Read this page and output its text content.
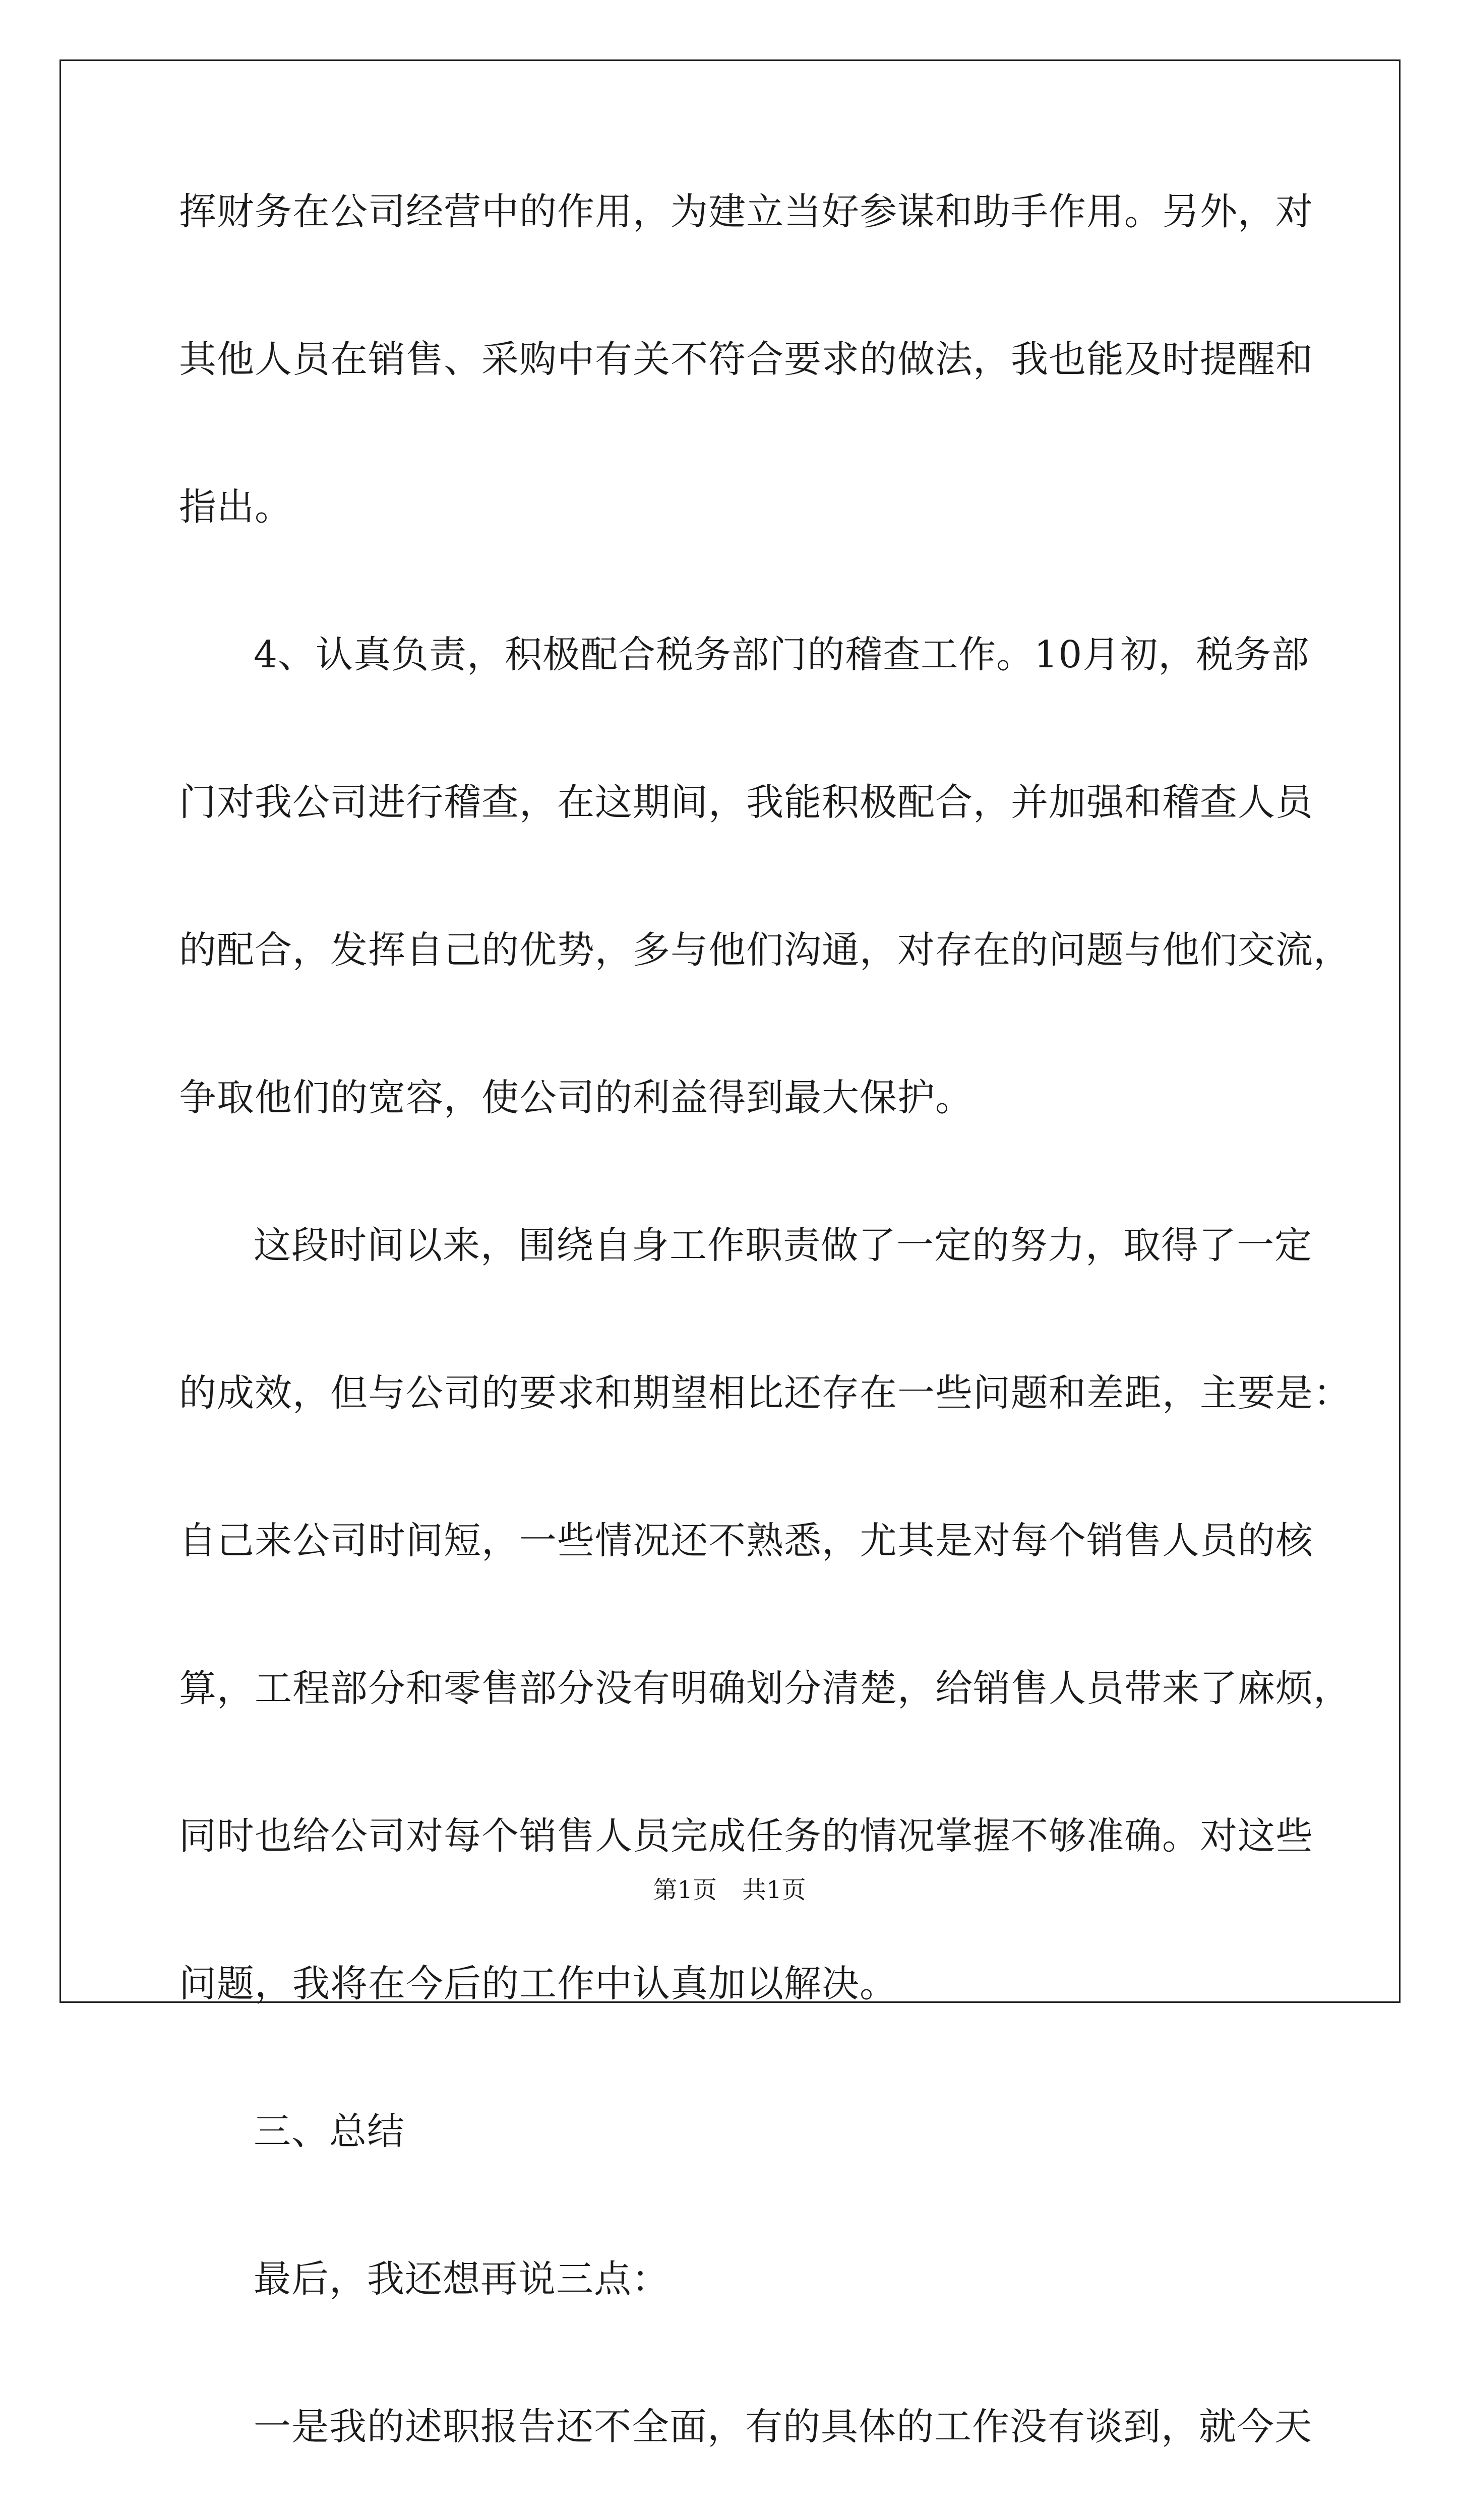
挥财务在公司经营中的作用，为建立当好参谋和助手作用。另外，对
其他人员在销售、采购中有关不符合要求的做法，我也能及时提醒和
指出。
4、认真负责，积极配合税务部门的稽查工作。10月初，税务部
门对我公司进行稽查，在这期间，我能积极配合，并加强和稽查人员
的配合，发挥自己的优势，多与他们沟通，对存在的问题与他们交流，
争取他们的宽容，使公司的利益得到最大保护。
这段时间以来，围绕自身工作职责做了一定的努力，取得了一定
的成效，但与公司的要求和期望相比还存在一些问题和差距，主要是：
自己来公司时间短，一些情况还不熟悉，尤其是对每个销售人员的核
算，工程部分和零售部分没有明确划分清楚，给销售人员带来了麻烦，
同时也给公司对每个销售人员完成任务的情况掌握不够准确。对这些
问题，我将在今后的工作中认真加以解决。
三、总结
最后，我还想再说三点：
一是我的述职报告还不全面，有的具体的工作没有谈到，就今天
第1页 共1页
